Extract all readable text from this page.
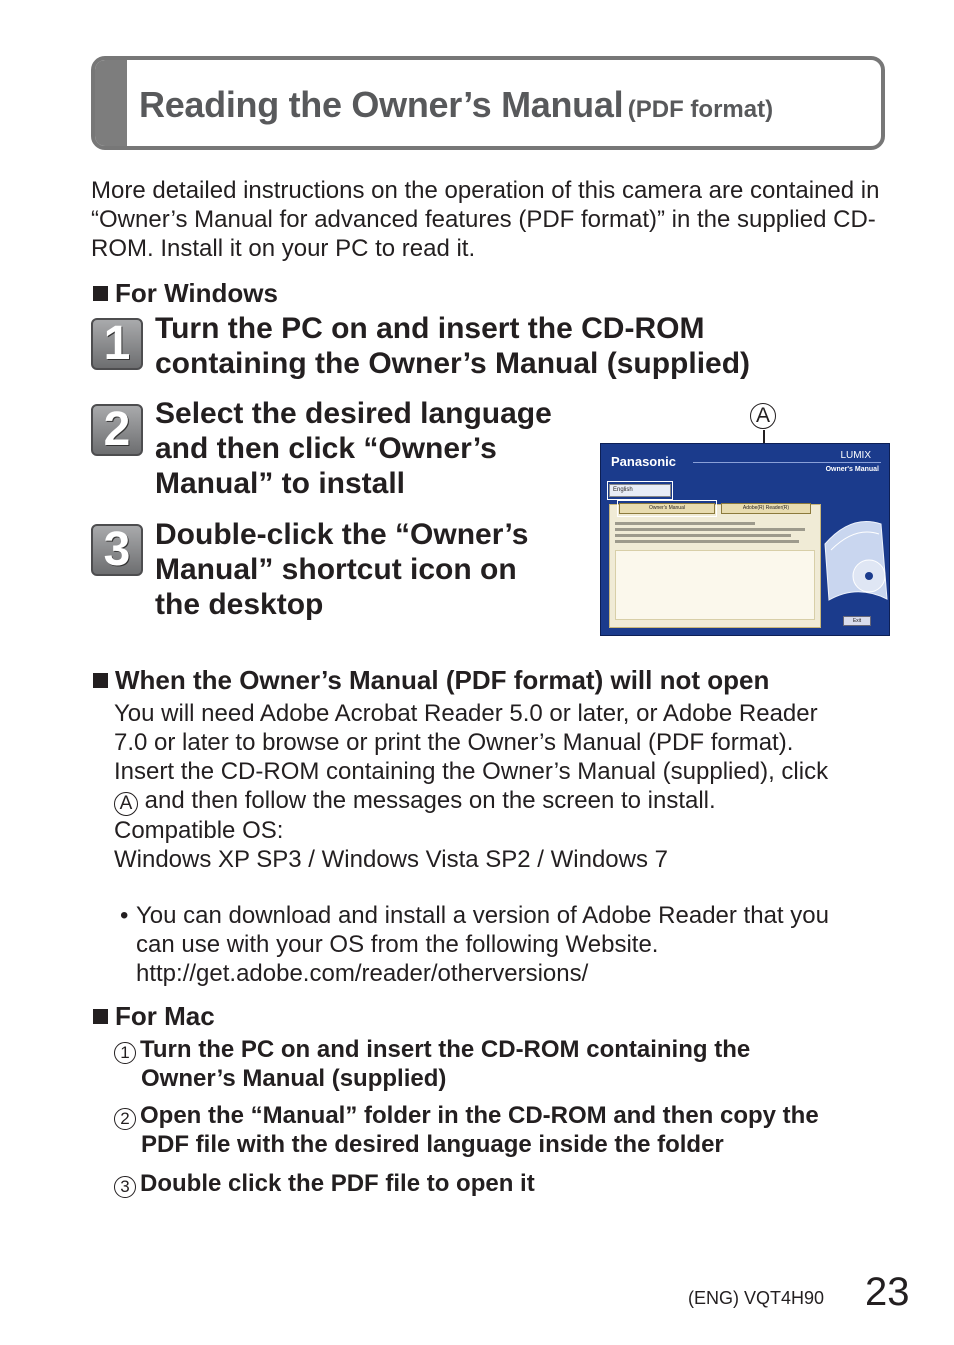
Reading the Owner’s Manual (PDF format)
More detailed instructions on the operation of this camera are contained in “Owner’s Manual for advanced features (PDF format)” in the supplied CD-ROM. Install it on your PC to read it.
For Windows
1 Turn the PC on and insert the CD-ROM
containing the Owner’s Manual (supplied)
2 Select the desired language
and then click “Owner’s
Manual” to install
3 Double-click the “Owner’s
Manual” shortcut icon on
the desktop
A
Panasonic	LUMIX
Owner's Manual
English
Owner's Manual	Adobe(R) Reader(R)
Exit
When the Owner’s Manual (PDF format) will not open
You will need Adobe Acrobat Reader 5.0 or later, or Adobe Reader
7.0 or later to browse or print the Owner’s Manual (PDF format).
Insert the CD-ROM containing the Owner’s Manual (supplied), click
A and then follow the messages on the screen to install.
Compatible OS:
Windows XP SP3 / Windows Vista SP2 / Windows 7
• You can download and install a version of Adobe Reader that you
can use with your OS from the following Website.
http://get.adobe.com/reader/otherversions/
For Mac
1 Turn the PC on and insert the CD-ROM containing the
Owner’s Manual (supplied)
2 Open the “Manual” folder in the CD-ROM and then copy the
PDF file with the desired language inside the folder
3 Double click the PDF file to open it
(ENG) VQT4H90 23
